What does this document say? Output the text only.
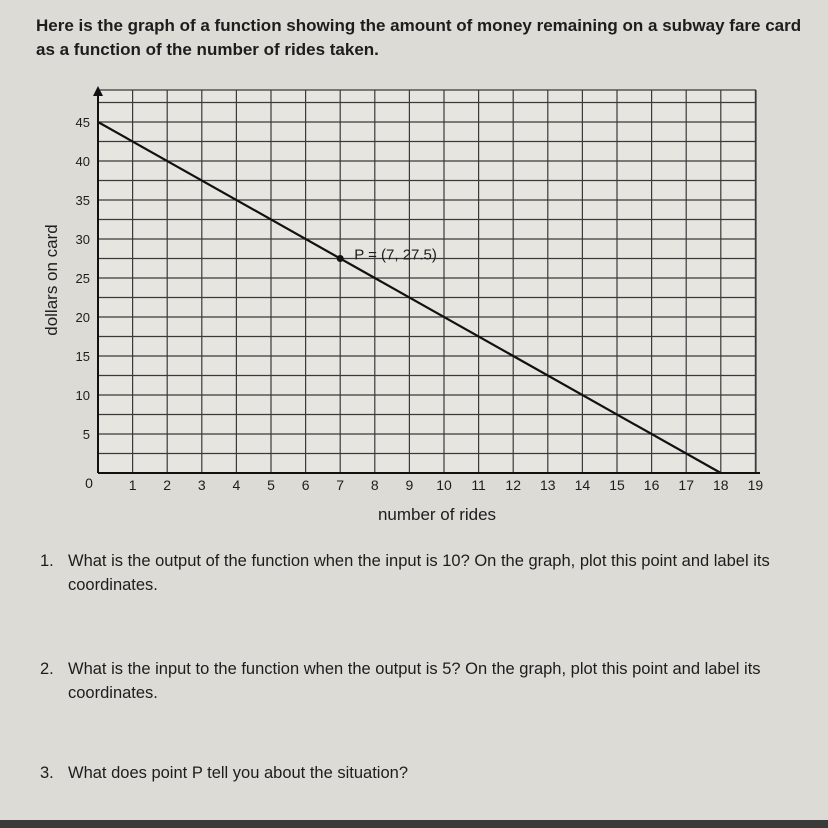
Here is the graph of a function showing the amount of money remaining on a subway fare card as a function of the number of rides taken.
1 2 3 4 5 6 7 8 9 10 11 12 13 14 15 16 17 18 19
5
10
15
20
25
30
35
40
45
0
number of rides
dollars on card	P = (7, 27.5)
1. What is the output of the function when the input is 10? On the graph, plot this point and label its coordinates.
2. What is the input to the function when the output is 5? On the graph, plot this point and label its coordinates.
3. What does point P tell you about the situation?
